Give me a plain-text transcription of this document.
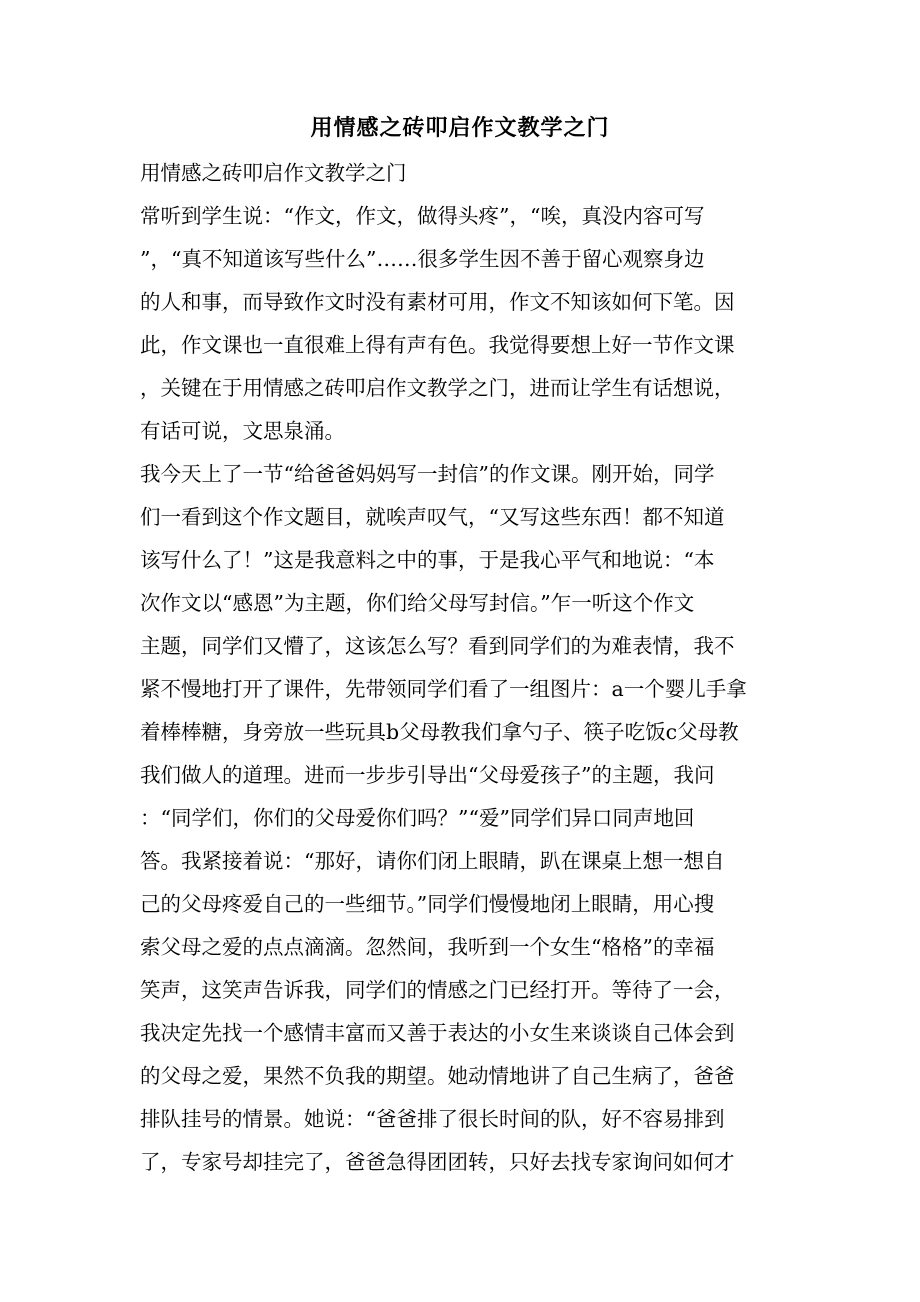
用情感之砖叩启作文教学之门
用情感之砖叩启作文教学之门
常听到学生说：“作文，作文，做得头疼”，“唉，真没内容可写
”，“真不知道该写些什么”……很多学生因不善于留心观察身边
的人和事，而导致作文时没有素材可用，作文不知该如何下笔。因
此，作文课也一直很难上得有声有色。我觉得要想上好一节作文课
，关键在于用情感之砖叩启作文教学之门，进而让学生有话想说，
有话可说，文思泉涌。
我今天上了一节“给爸爸妈妈写一封信”的作文课。刚开始，同学
们一看到这个作文题目，就唉声叹气，“又写这些东西！都不知道
该写什么了！”这是我意料之中的事，于是我心平气和地说：“本
次作文以“感恩”为主题，你们给父母写封信。”乍一听这个作文
主题，同学们又懵了，这该怎么写？看到同学们的为难表情，我不
紧不慢地打开了课件，先带领同学们看了一组图片：a一个婴儿手拿
着棒棒糖，身旁放一些玩具b父母教我们拿勺子、筷子吃饭c父母教
我们做人的道理。进而一步步引导出“父母爱孩子”的主题，我问
：“同学们，你们的父母爱你们吗？”“爱”同学们异口同声地回
答。我紧接着说：“那好，请你们闭上眼睛，趴在课桌上想一想自
己的父母疼爱自己的一些细节。”同学们慢慢地闭上眼睛，用心搜
索父母之爱的点点滴滴。忽然间，我听到一个女生“格格”的幸福
笑声，这笑声告诉我，同学们的情感之门已经打开。等待了一会，
我决定先找一个感情丰富而又善于表达的小女生来谈谈自己体会到
的父母之爱，果然不负我的期望。她动情地讲了自己生病了，爸爸
排队挂号的情景。她说：“爸爸排了很长时间的队，好不容易排到
了，专家号却挂完了，爸爸急得团团转，只好去找专家询问如何才
